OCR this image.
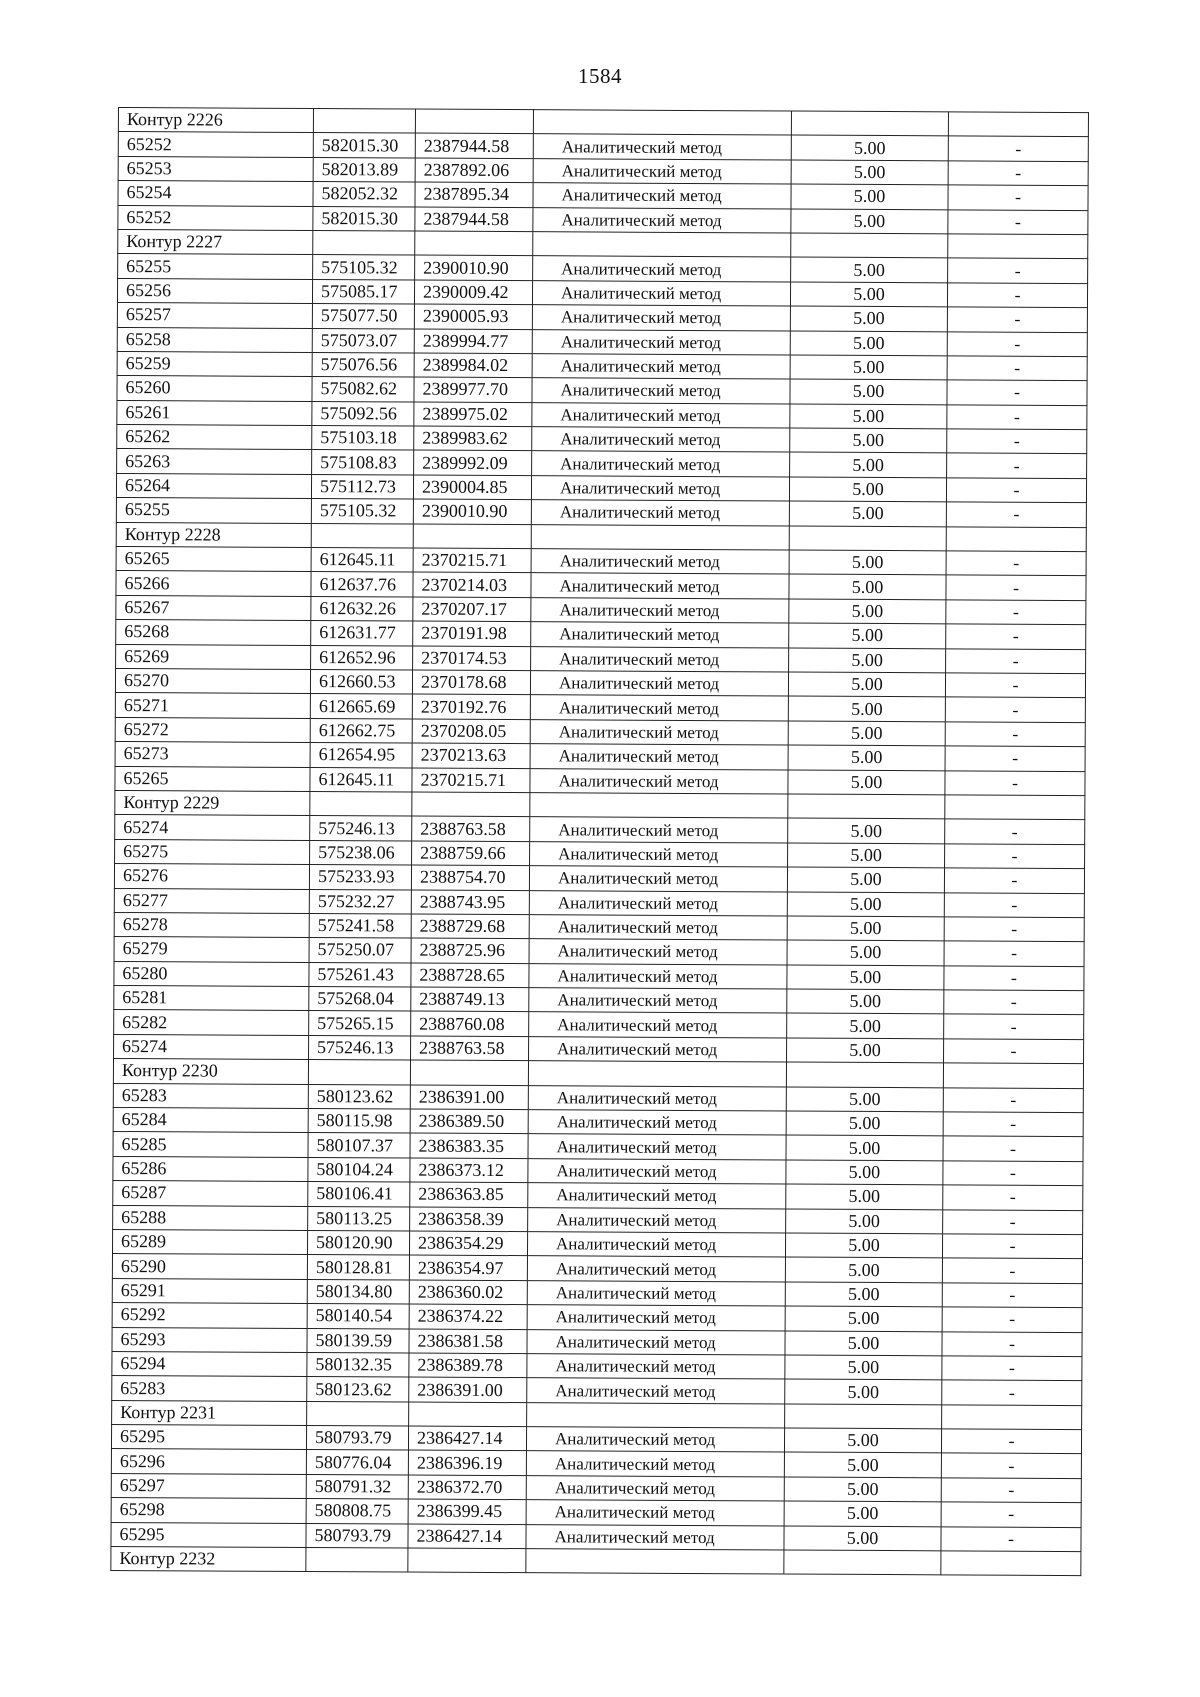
1584
Контур 2226					
65252	582015.30	2387944.58	Аналитический метод	5.00	-
65253	582013.89	2387892.06	Аналитический метод	5.00	-
65254	582052.32	2387895.34	Аналитический метод	5.00	-
65252	582015.30	2387944.58	Аналитический метод	5.00	-
Контур 2227					
65255	575105.32	2390010.90	Аналитический метод	5.00	-
65256	575085.17	2390009.42	Аналитический метод	5.00	-
65257	575077.50	2390005.93	Аналитический метод	5.00	-
65258	575073.07	2389994.77	Аналитический метод	5.00	-
65259	575076.56	2389984.02	Аналитический метод	5.00	-
65260	575082.62	2389977.70	Аналитический метод	5.00	-
65261	575092.56	2389975.02	Аналитический метод	5.00	-
65262	575103.18	2389983.62	Аналитический метод	5.00	-
65263	575108.83	2389992.09	Аналитический метод	5.00	-
65264	575112.73	2390004.85	Аналитический метод	5.00	-
65255	575105.32	2390010.90	Аналитический метод	5.00	-
Контур 2228					
65265	612645.11	2370215.71	Аналитический метод	5.00	-
65266	612637.76	2370214.03	Аналитический метод	5.00	-
65267	612632.26	2370207.17	Аналитический метод	5.00	-
65268	612631.77	2370191.98	Аналитический метод	5.00	-
65269	612652.96	2370174.53	Аналитический метод	5.00	-
65270	612660.53	2370178.68	Аналитический метод	5.00	-
65271	612665.69	2370192.76	Аналитический метод	5.00	-
65272	612662.75	2370208.05	Аналитический метод	5.00	-
65273	612654.95	2370213.63	Аналитический метод	5.00	-
65265	612645.11	2370215.71	Аналитический метод	5.00	-
Контур 2229					
65274	575246.13	2388763.58	Аналитический метод	5.00	-
65275	575238.06	2388759.66	Аналитический метод	5.00	-
65276	575233.93	2388754.70	Аналитический метод	5.00	-
65277	575232.27	2388743.95	Аналитический метод	5.00	-
65278	575241.58	2388729.68	Аналитический метод	5.00	-
65279	575250.07	2388725.96	Аналитический метод	5.00	-
65280	575261.43	2388728.65	Аналитический метод	5.00	-
65281	575268.04	2388749.13	Аналитический метод	5.00	-
65282	575265.15	2388760.08	Аналитический метод	5.00	-
65274	575246.13	2388763.58	Аналитический метод	5.00	-
Контур 2230					
65283	580123.62	2386391.00	Аналитический метод	5.00	-
65284	580115.98	2386389.50	Аналитический метод	5.00	-
65285	580107.37	2386383.35	Аналитический метод	5.00	-
65286	580104.24	2386373.12	Аналитический метод	5.00	-
65287	580106.41	2386363.85	Аналитический метод	5.00	-
65288	580113.25	2386358.39	Аналитический метод	5.00	-
65289	580120.90	2386354.29	Аналитический метод	5.00	-
65290	580128.81	2386354.97	Аналитический метод	5.00	-
65291	580134.80	2386360.02	Аналитический метод	5.00	-
65292	580140.54	2386374.22	Аналитический метод	5.00	-
65293	580139.59	2386381.58	Аналитический метод	5.00	-
65294	580132.35	2386389.78	Аналитический метод	5.00	-
65283	580123.62	2386391.00	Аналитический метод	5.00	-
Контур 2231					
65295	580793.79	2386427.14	Аналитический метод	5.00	-
65296	580776.04	2386396.19	Аналитический метод	5.00	-
65297	580791.32	2386372.70	Аналитический метод	5.00	-
65298	580808.75	2386399.45	Аналитический метод	5.00	-
65295	580793.79	2386427.14	Аналитический метод	5.00	-
Контур 2232					
